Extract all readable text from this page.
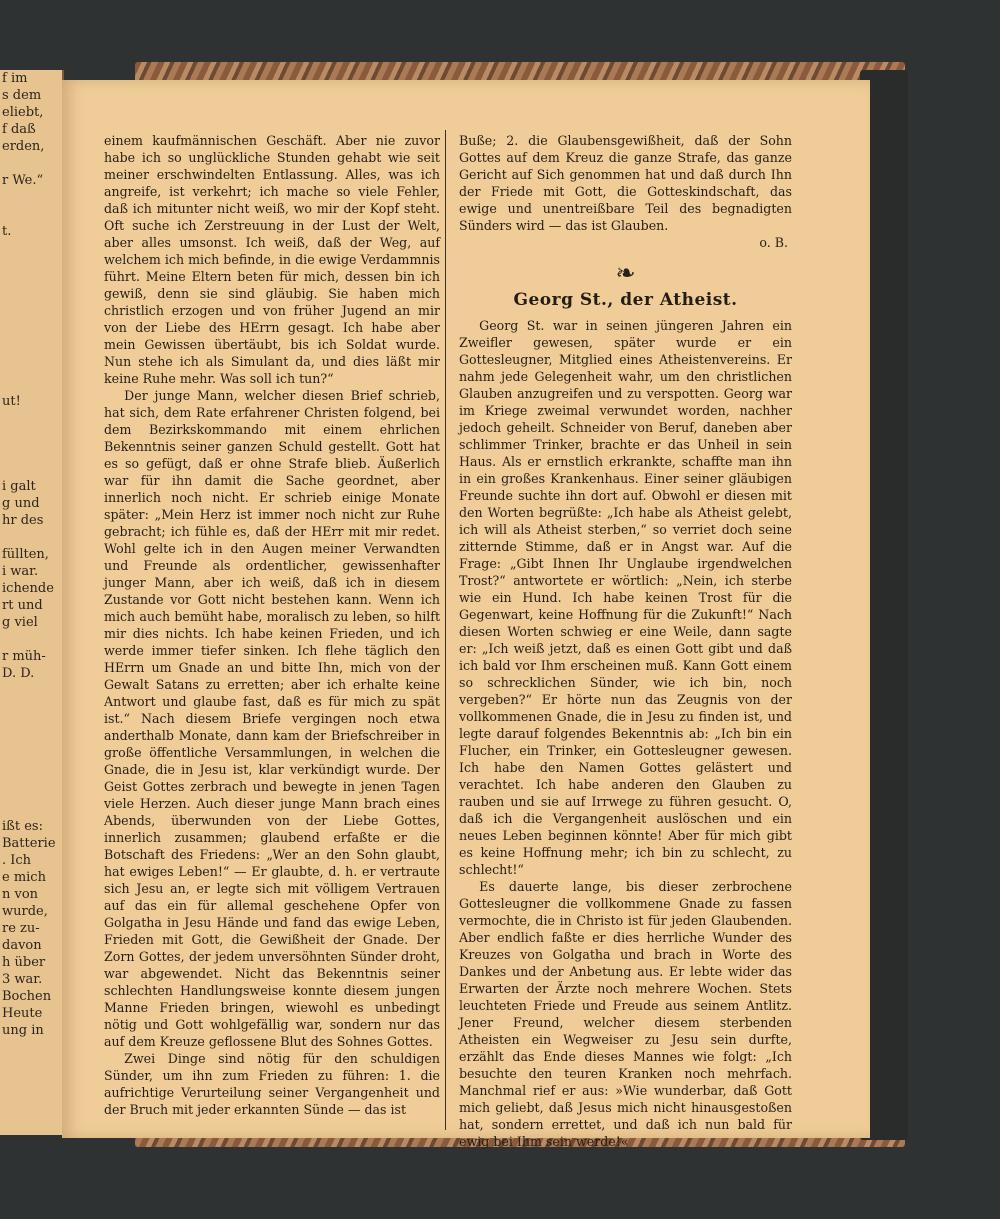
f im
s dem
eliebt,
f daß
erden,

r We.“

t.

ut!

i galt
g und
hr des

füllten,
i war.
ichende
rt und
g viel

r müh-
D. D.

ißt es:
Batterie
. Ich
e mich
n von
wurde,
re zu-
davon
h über
3 war.
Bochen
Heute
ung in

einem kaufmännischen Geschäft. Aber nie zuvor habe ich so unglückliche Stunden gehabt wie seit meiner erschwindelten Entlassung. Alles, was ich angreife, ist verkehrt; ich mache so viele Fehler, daß ich mitunter nicht weiß, wo mir der Kopf steht. Oft suche ich Zerstreuung in der Lust der Welt, aber alles umsonst. Ich weiß, daß der Weg, auf welchem ich mich befinde, in die ewige Verdammnis führt. Meine Eltern beten für mich, dessen bin ich gewiß, denn sie sind gläubig. Sie haben mich christlich erzogen und von früher Jugend an mir von der Liebe des HErrn gesagt. Ich habe aber mein Gewissen übertäubt, bis ich Soldat wurde. Nun stehe ich als Simulant da, und dies läßt mir keine Ruhe mehr. Was soll ich tun?“

Der junge Mann, welcher diesen Brief schrieb, hat sich, dem Rate erfahrener Christen folgend, bei dem Bezirkskommando mit einem ehrlichen Bekenntnis seiner ganzen Schuld gestellt. Gott hat es so gefügt, daß er ohne Strafe blieb. Äußerlich war für ihn damit die Sache geordnet, aber innerlich noch nicht. Er schrieb einige Monate später: „Mein Herz ist immer noch nicht zur Ruhe gebracht; ich fühle es, daß der HErr mit mir redet. Wohl gelte ich in den Augen meiner Verwandten und Freunde als ordentlicher, gewissenhafter junger Mann, aber ich weiß, daß ich in diesem Zustande vor Gott nicht bestehen kann. Wenn ich mich auch bemüht habe, moralisch zu leben, so hilft mir dies nichts. Ich habe keinen Frieden, und ich werde immer tiefer sinken. Ich flehe täglich den HErrn um Gnade an und bitte Ihn, mich von der Gewalt Satans zu erretten; aber ich erhalte keine Antwort und glaube fast, daß es für mich zu spät ist.“ Nach diesem Briefe vergingen noch etwa anderthalb Monate, dann kam der Briefschreiber in große öffentliche Versammlungen, in welchen die Gnade, die in Jesu ist, klar verkündigt wurde. Der Geist Gottes zerbrach und bewegte in jenen Tagen viele Herzen. Auch dieser junge Mann brach eines Abends, überwunden von der Liebe Gottes, innerlich zusammen; glaubend erfaßte er die Botschaft des Friedens: „Wer an den Sohn glaubt, hat ewiges Leben!“ — Er glaubte, d. h. er vertraute sich Jesu an, er legte sich mit völligem Vertrauen auf das ein für allemal geschehene Opfer von Golgatha in Jesu Hände und fand das ewige Leben, Frieden mit Gott, die Gewißheit der Gnade. Der Zorn Gottes, der jedem unversöhnten Sünder droht, war abgewendet. Nicht das Bekenntnis seiner schlechten Handlungsweise konnte diesem jungen Manne Frieden bringen, wiewohl es unbedingt nötig und Gott wohlgefällig war, sondern nur das auf dem Kreuze geflossene Blut des Sohnes Gottes.

Zwei Dinge sind nötig für den schuldigen Sünder, um ihn zum Frieden zu führen: 1. die aufrichtige Verurteilung seiner Vergangenheit und der Bruch mit jeder erkannten Sünde — das ist

Buße; 2. die Glaubensgewißheit, daß der Sohn Gottes auf dem Kreuz die ganze Strafe, das ganze Gericht auf Sich genommen hat und daß durch Ihn der Friede mit Gott, die Gotteskindschaft, das ewige und unentreißbare Teil des begnadigten Sünders wird — das ist Glauben.

o. B.

❧
Georg St., der Atheist.

Georg St. war in seinen jüngeren Jahren ein Zweifler gewesen, später wurde er ein Gottesleugner, Mitglied eines Atheistenvereins. Er nahm jede Gelegenheit wahr, um den christlichen Glauben anzugreifen und zu verspotten. Georg war im Kriege zweimal verwundet worden, nachher jedoch geheilt. Schneider von Beruf, daneben aber schlimmer Trinker, brachte er das Unheil in sein Haus. Als er ernstlich erkrankte, schaffte man ihn in ein großes Krankenhaus. Einer seiner gläubigen Freunde suchte ihn dort auf. Obwohl er diesen mit den Worten begrüßte: „Ich habe als Atheist gelebt, ich will als Atheist sterben,“ so verriet doch seine zitternde Stimme, daß er in Angst war. Auf die Frage: „Gibt Ihnen Ihr Unglaube irgendwelchen Trost?“ antwortete er wörtlich: „Nein, ich sterbe wie ein Hund. Ich habe keinen Trost für die Gegenwart, keine Hoffnung für die Zukunft!“ Nach diesen Worten schwieg er eine Weile, dann sagte er: „Ich weiß jetzt, daß es einen Gott gibt und daß ich bald vor Ihm erscheinen muß. Kann Gott einem so schrecklichen Sünder, wie ich bin, noch vergeben?“ Er hörte nun das Zeugnis von der vollkommenen Gnade, die in Jesu zu finden ist, und legte darauf folgendes Bekenntnis ab: „Ich bin ein Flucher, ein Trinker, ein Gottesleugner gewesen. Ich habe den Namen Gottes gelästert und verachtet. Ich habe anderen den Glauben zu rauben und sie auf Irrwege zu führen gesucht. O, daß ich die Vergangenheit auslöschen und ein neues Leben beginnen könnte! Aber für mich gibt es keine Hoffnung mehr; ich bin zu schlecht, zu schlecht!“

Es dauerte lange, bis dieser zerbrochene Gottesleugner die vollkommene Gnade zu fassen vermochte, die in Christo ist für jeden Glaubenden. Aber endlich faßte er dies herrliche Wunder des Kreuzes von Golgatha und brach in Worte des Dankes und der Anbetung aus. Er lebte wider das Erwarten der Ärzte noch mehrere Wochen. Stets leuchteten Friede und Freude aus seinem Antlitz. Jener Freund, welcher diesem sterbenden Atheisten ein Wegweiser zu Jesu sein durfte, erzählt das Ende dieses Mannes wie folgt: „Ich besuchte den teuren Kranken noch mehrfach. Manchmal rief er aus: »Wie wunderbar, daß Gott mich geliebt, daß Jesus mich nicht hinausgestoßen hat, sondern errettet, und daß ich nun bald für ewig bei Ihm sein werde!«
